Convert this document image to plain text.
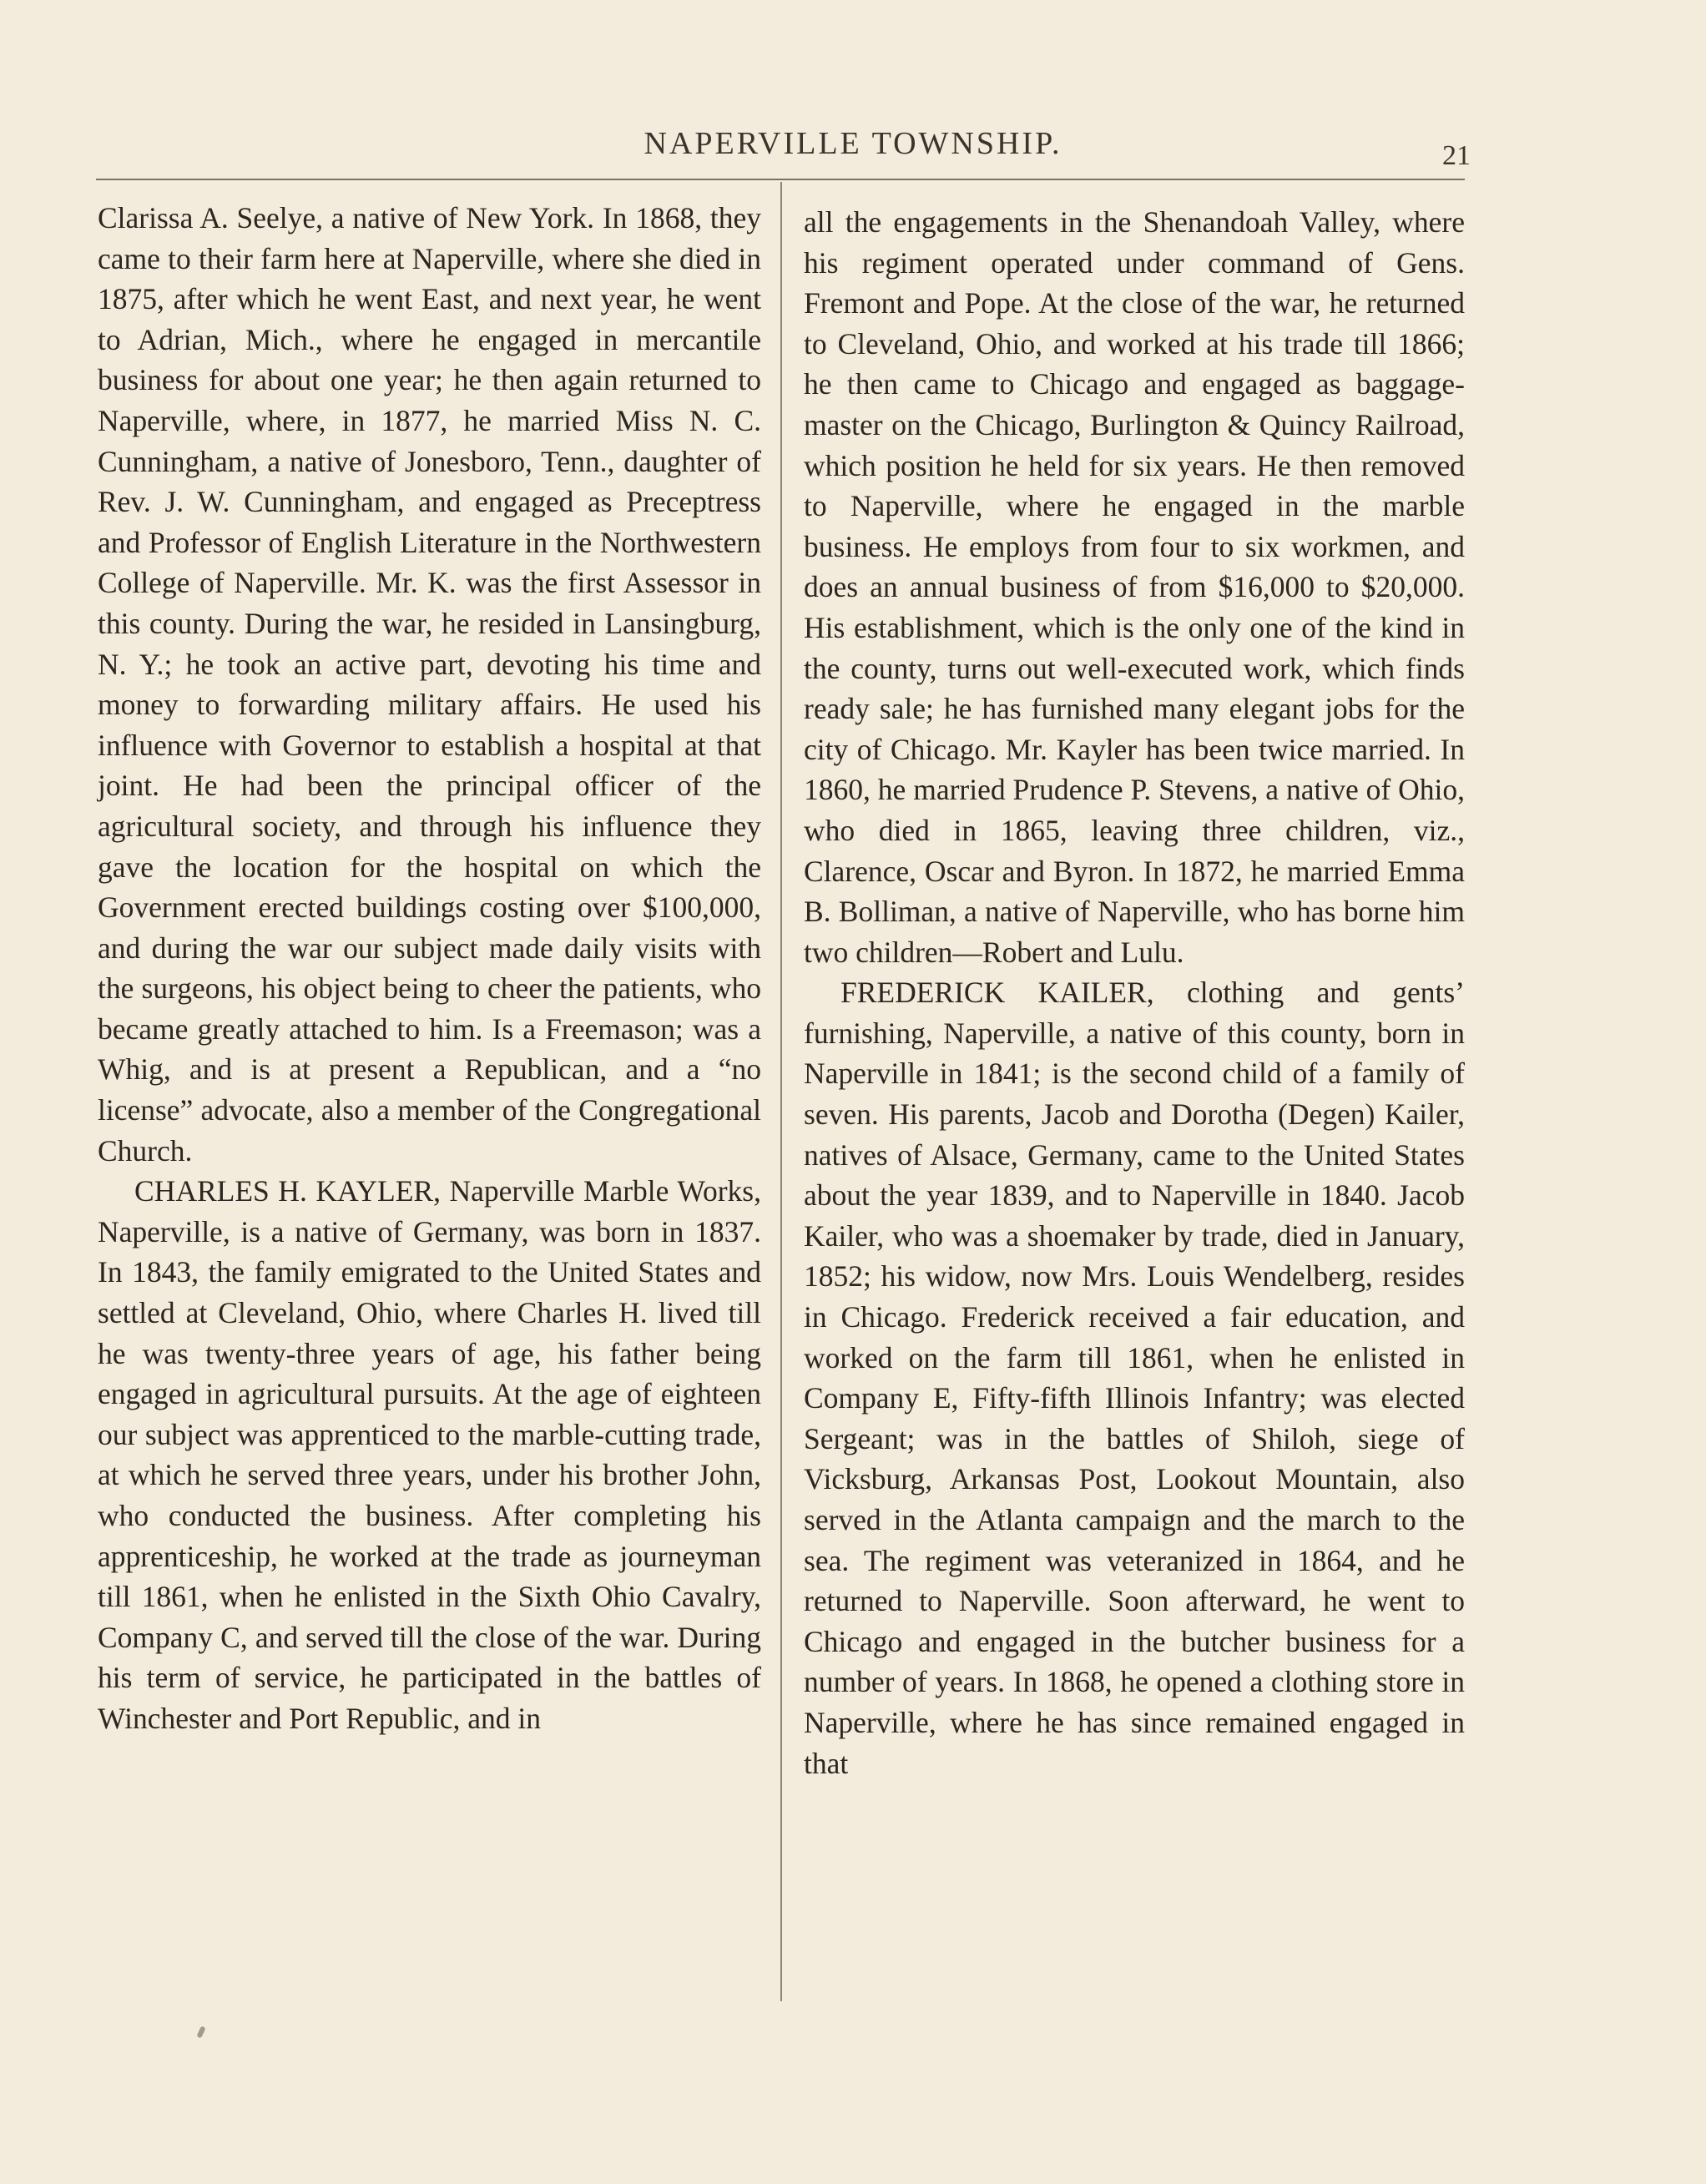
NAPERVILLE TOWNSHIP.	21

Clarissa A. Seelye, a native of New York. In 1868, they came to their farm here at Naperville, where she died in 1875, after which he went East, and next year, he went to Adrian, Mich., where he engaged in mercantile business for about one year; he then again returned to Naperville, where, in 1877, he married Miss N. C. Cunningham, a native of Jonesboro, Tenn., daughter of Rev. J. W. Cunningham, and engaged as Preceptress and Professor of English Literature in the Northwestern College of Naperville. Mr. K. was the first Assessor in this county. During the war, he resided in Lansingburg, N. Y.; he took an active part, devoting his time and money to forwarding military affairs. He used his influence with Governor to establish a hospital at that joint. He had been the principal officer of the agricultural society, and through his influence they gave the location for the hospital on which the Government erected buildings costing over $100,000, and during the war our subject made daily visits with the surgeons, his object being to cheer the patients, who became greatly attached to him. Is a Freemason; was a Whig, and is at present a Republican, and a “no license” advocate, also a member of the Congregational Church.

CHARLES H. KAYLER, Naperville Marble Works, Naperville, is a native of Germany, was born in 1837. In 1843, the family emigrated to the United States and settled at Cleveland, Ohio, where Charles H. lived till he was twenty-three years of age, his father being engaged in agricultural pursuits. At the age of eighteen our subject was apprenticed to the marble-cutting trade, at which he served three years, under his brother John, who conducted the business. After completing his apprenticeship, he worked at the trade as journeyman till 1861, when he enlisted in the Sixth Ohio Cavalry, Company C, and served till the close of the war. During his term of service, he participated in the battles of Winchester and Port Republic, and in

all the engagements in the Shenandoah Valley, where his regiment operated under command of Gens. Fremont and Pope. At the close of the war, he returned to Cleveland, Ohio, and worked at his trade till 1866; he then came to Chicago and engaged as baggage-master on the Chicago, Burlington & Quincy Railroad, which position he held for six years. He then removed to Naperville, where he engaged in the marble business. He employs from four to six workmen, and does an annual business of from $16,000 to $20,000. His establishment, which is the only one of the kind in the county, turns out well-executed work, which finds ready sale; he has furnished many elegant jobs for the city of Chicago. Mr. Kayler has been twice married. In 1860, he married Prudence P. Stevens, a native of Ohio, who died in 1865, leaving three children, viz., Clarence, Oscar and Byron. In 1872, he married Emma B. Bolliman, a native of Naperville, who has borne him two children—Robert and Lulu.

FREDERICK KAILER, clothing and gents’ furnishing, Naperville, a native of this county, born in Naperville in 1841; is the second child of a family of seven. His parents, Jacob and Dorotha (Degen) Kailer, natives of Alsace, Germany, came to the United States about the year 1839, and to Naperville in 1840. Jacob Kailer, who was a shoemaker by trade, died in January, 1852; his widow, now Mrs. Louis Wendelberg, resides in Chicago. Frederick received a fair education, and worked on the farm till 1861, when he enlisted in Company E, Fifty-fifth Illinois Infantry; was elected Sergeant; was in the battles of Shiloh, siege of Vicksburg, Arkansas Post, Lookout Mountain, also served in the Atlanta campaign and the march to the sea. The regiment was veteranized in 1864, and he returned to Naperville. Soon afterward, he went to Chicago and engaged in the butcher business for a number of years. In 1868, he opened a clothing store in Naperville, where he has since remained engaged in that
